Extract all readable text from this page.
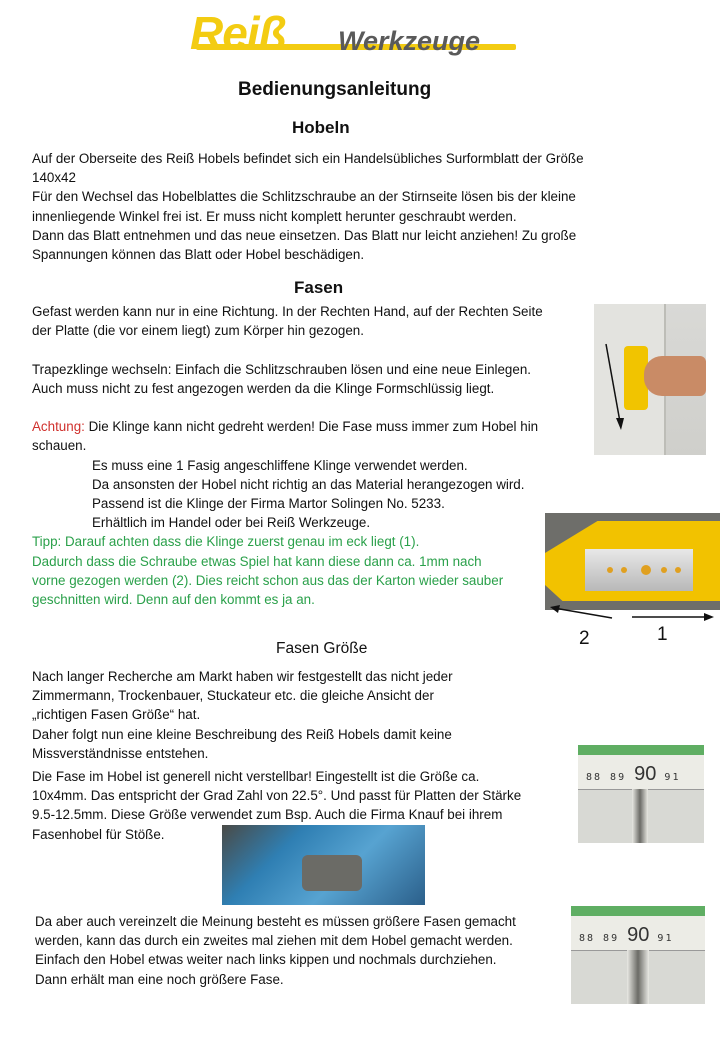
Reiß Werkzeuge
Bedienungsanleitung
Hobeln
Auf der Oberseite des Reiß Hobels befindet sich ein Handelsübliches Surformblatt der Größe
140x42
Für den Wechsel das Hobelblattes die Schlitzschraube an der Stirnseite lösen bis der kleine
innenliegende Winkel frei ist. Er muss nicht komplett herunter geschraubt werden.
Dann das Blatt entnehmen und das neue einsetzen. Das Blatt nur leicht anziehen! Zu große
Spannungen können das Blatt oder Hobel beschädigen.
Fasen
Gefast werden kann nur in eine Richtung. In der Rechten Hand, auf der Rechten Seite
der Platte (die vor einem liegt) zum Körper hin gezogen.
Trapezklinge wechseln: Einfach die Schlitzschrauben lösen und eine neue Einlegen.
Auch muss nicht zu fest angezogen werden da die Klinge Formschlüssig liegt.
Achtung: Die Klinge kann nicht gedreht werden! Die Fase muss immer zum Hobel hin
schauen.
Es muss eine 1 Fasig angeschliffene Klinge verwendet werden.
Da ansonsten der Hobel nicht richtig an das Material herangezogen wird.
Passend ist die Klinge der Firma Martor Solingen No. 5233.
Erhältlich im Handel oder bei Reiß Werkzeuge.
Tipp: Darauf achten dass die Klinge zuerst genau im eck liegt (1).
Dadurch dass die Schraube etwas Spiel hat kann diese dann ca. 1mm nach
vorne gezogen werden (2). Dies reicht schon aus das der Karton wieder sauber
geschnitten wird. Denn auf den kommt es ja an.
2	1
Fasen Größe
Nach langer Recherche am Markt haben wir festgestellt das nicht jeder
Zimmermann, Trockenbauer, Stuckateur etc. die gleiche Ansicht der
„richtigen Fasen Größe“ hat.
Daher folgt nun eine kleine Beschreibung des Reiß Hobels damit keine
Missverständnisse entstehen.
Die Fase im Hobel ist generell nicht verstellbar! Eingestellt ist die Größe ca.
10x4mm. Das entspricht der Grad Zahl von 22.5°. Und passt für Platten der Stärke
9.5-12.5mm. Diese Größe verwendet zum Bsp. Auch die Firma Knauf bei ihrem
Fasenhobel für Stöße.
88 89 90 91
Da aber auch vereinzelt die Meinung besteht es müssen größere Fasen gemacht
werden, kann das durch ein zweites mal ziehen mit dem Hobel gemacht werden.
Einfach den Hobel etwas weiter nach links kippen und nochmals durchziehen.
Dann erhält man eine noch größere Fase.
88 89 90 91
